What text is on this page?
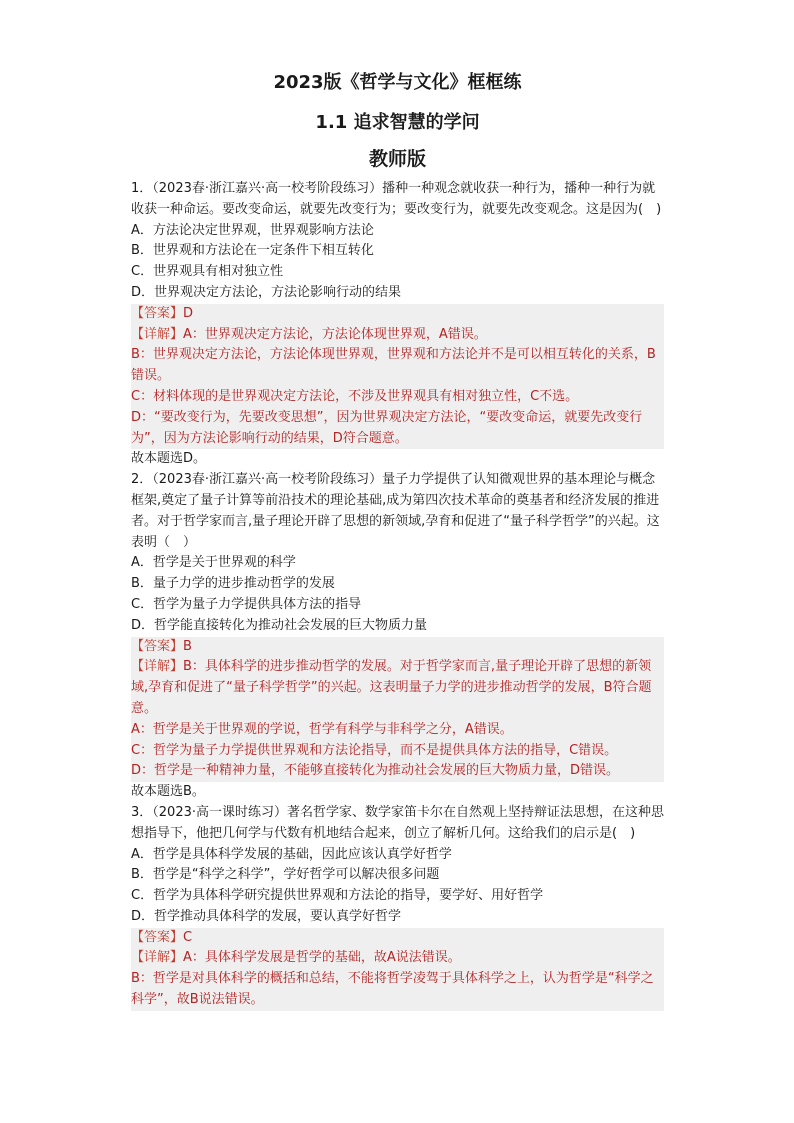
2023版《哲学与文化》框框练
1.1 追求智慧的学问
教师版

1．（2023春·浙江嘉兴·高一校考阶段练习）播种一种观念就收获一种行为，播种一种行为就收获一种命运。要改变命运，就要先改变行为；要改变行为，就要先改变观念。这是因为(　)

A．方法论决定世界观，世界观影响方法论

B．世界观和方法论在一定条件下相互转化

C．世界观具有相对独立性

D．世界观决定方法论，方法论影响行动的结果

【答案】D

【详解】A：世界观决定方法论，方法论体现世界观，A错误。

B：世界观决定方法论，方法论体现世界观，世界观和方法论并不是可以相互转化的关系，B错误。

C：材料体现的是世界观决定方法论，不涉及世界观具有相对独立性，C不选。

D：“要改变行为，先要改变思想”，因为世界观决定方法论，“要改变命运，就要先改变行为”，因为方法论影响行动的结果，D符合题意。

故本题选D。

2．（2023春·浙江嘉兴·高一校考阶段练习）量子力学提供了认知微观世界的基本理论与概念框架,奠定了量子计算等前沿技术的理论基础,成为第四次技术革命的奠基者和经济发展的推进者。对于哲学家而言,量子理论开辟了思想的新领域,孕育和促进了“量子科学哲学”的兴起。这表明（　）

A．哲学是关于世界观的科学

B．量子力学的进步推动哲学的发展

C．哲学为量子力学提供具体方法的指导

D．哲学能直接转化为推动社会发展的巨大物质力量

【答案】B

【详解】B：具体科学的进步推动哲学的发展。对于哲学家而言,量子理论开辟了思想的新领域,孕育和促进了“量子科学哲学”的兴起。这表明量子力学的进步推动哲学的发展，B符合题意。

A：哲学是关于世界观的学说，哲学有科学与非科学之分，A错误。

C：哲学为量子力学提供世界观和方法论指导，而不是提供具体方法的指导，C错误。

D：哲学是一种精神力量，不能够直接转化为推动社会发展的巨大物质力量，D错误。

故本题选B。

3．（2023·高一课时练习）著名哲学家、数学家笛卡尔在自然观上坚持辩证法思想，在这种思想指导下，他把几何学与代数有机地结合起来，创立了解析几何。这给我们的启示是(　)

A．哲学是具体科学发展的基础，因此应该认真学好哲学

B．哲学是“科学之科学”，学好哲学可以解决很多问题

C．哲学为具体科学研究提供世界观和方法论的指导，要学好、用好哲学

D．哲学推动具体科学的发展，要认真学好哲学

【答案】C

【详解】A：具体科学发展是哲学的基础，故A说法错误。

B：哲学是对具体科学的概括和总结，不能将哲学凌驾于具体科学之上，认为哲学是“科学之科学”，故B说法错误。
